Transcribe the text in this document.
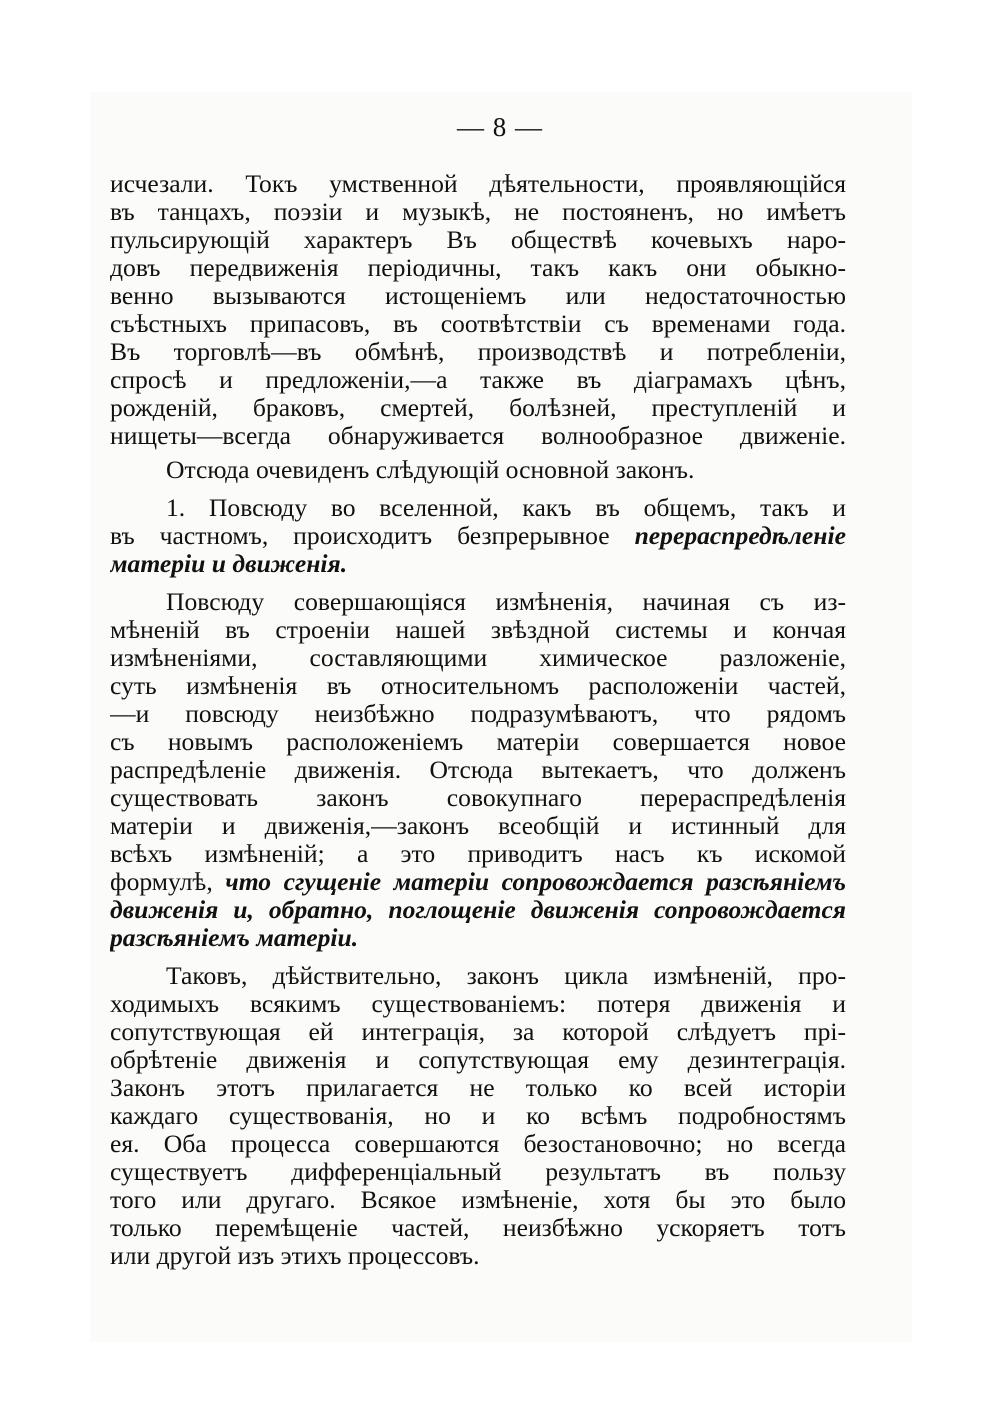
— 8 —
исчезали. Токъ умственной дѣятельности, проявляющійся
въ танцахъ, поэзіи и музыкѣ, не постояненъ, но имѣетъ
пульсирующій характеръ Въ обществѣ кочевыхъ наро-
довъ передвиженія періодичны, такъ какъ они обыкно-
венно вызываются истощеніемъ или недостаточностью
съѣстныхъ припасовъ, въ соотвѣтствіи съ временами года.
Въ торговлѣ—въ обмѣнѣ, производствѣ и потребленіи,
спросѣ и предложеніи,—а также въ діаграмахъ цѣнъ,
рожденій, браковъ, смертей, болѣзней, преступленій и
нищеты—всегда обнаруживается волнообразное движеніе.
Отсюда очевиденъ слѣдующій основной законъ.
1. Повсюду во вселенной, какъ въ общемъ, такъ и
въ частномъ, происходитъ безпрерывное перераспредѣленіе
матеріи и движенія.
Повсюду совершающіяся измѣненія, начиная съ из-
мѣненій въ строеніи нашей звѣздной системы и кончая
измѣненіями, составляющими химическое разложеніе,
суть измѣненія въ относительномъ расположеніи частей,
—и повсюду неизбѣжно подразумѣваютъ, что рядомъ
съ новымъ расположеніемъ матеріи совершается новое
распредѣленіе движенія. Отсюда вытекаетъ, что долженъ
существовать законъ совокупнаго перераспредѣленія
матеріи и движенія,—законъ всеобщій и истинный для
всѣхъ измѣненій; а это приводитъ насъ къ искомой
формулѣ, что сгущеніе матеріи сопровождается разсѣяніемъ
движенія и, обратно, поглощеніе движенія сопровождается
разсѣяніемъ матеріи.
Таковъ, дѣйствительно, законъ цикла измѣненій, про-
ходимыхъ всякимъ существованіемъ: потеря движенія и
сопутствующая ей интеграція, за которой слѣдуетъ прі-
обрѣтеніе движенія и сопутствующая ему дезинтеграція.
Законъ этотъ прилагается не только ко всей исторіи
каждаго существованія, но и ко всѣмъ подробностямъ
ея. Оба процесса совершаются безостановочно; но всегда
существуетъ дифференціальный результатъ въ пользу
того или другаго. Всякое измѣненіе, хотя бы это было
только перемѣщеніе частей, неизбѣжно ускоряетъ тотъ
или другой изъ этихъ процессовъ.
